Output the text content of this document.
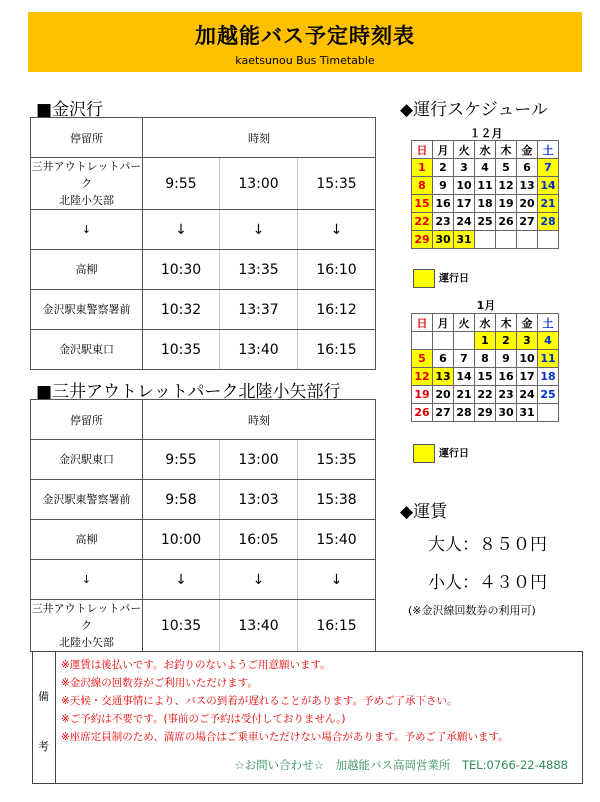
加越能バス予定時刻表
kaetsunou Bus Timetable
■金沢行
停留所	時刻		

三井アウトレットパーク
北陸小矢部	9:55	13:00	15:35

↓	↓	↓	↓

高柳	10:30	13:35	16:10

金沢駅東警察署前	10:32	13:37	16:12

金沢駅東口	10:35	13:40	16:15
■三井アウトレットパーク北陸小矢部行
停留所	時刻		

金沢駅東口	9:55	13:00	15:35

金沢駅東警察署前	9:58	13:03	15:38

高柳	10:00	16:05	15:40

↓	↓	↓	↓

三井アウトレットパーク
北陸小矢部	10:35	13:40	16:15
◆運行スケジュール
１２月
日	月	火	水	木	金	土
1	2	3	4	5	6	7
8	9	10	11	12	13	14
15	16	17	18	19	20	21
22	23	24	25	26	27	28
29	30	31				
運行日
1月
日	月	火	水	木	金	土
			1	2	3	4
5	6	7	8	9	10	11
12	13	14	15	16	17	18
19	20	21	22	23	24	25
26	27	28	29	30	31	
運行日
◆運賃
大人：８５０円
小人：４３０円
(※金沢線回数券の利用可)
備
考
※運賃は後払いです。お釣りのないようご用意願います。
※金沢線の回数券がご利用いただけます。
※天候・交通事情により、バスの到着が遅れることがあります。予めご了承下さい。
※ご予約は不要です。(事前のご予約は受付しておりません。)
※座席定員制のため、満席の場合はご乗車いただけない場合があります。予めご了承願います。
☆お問い合わせ☆　加越能バス高岡営業所　TEL:0766-22-4888
